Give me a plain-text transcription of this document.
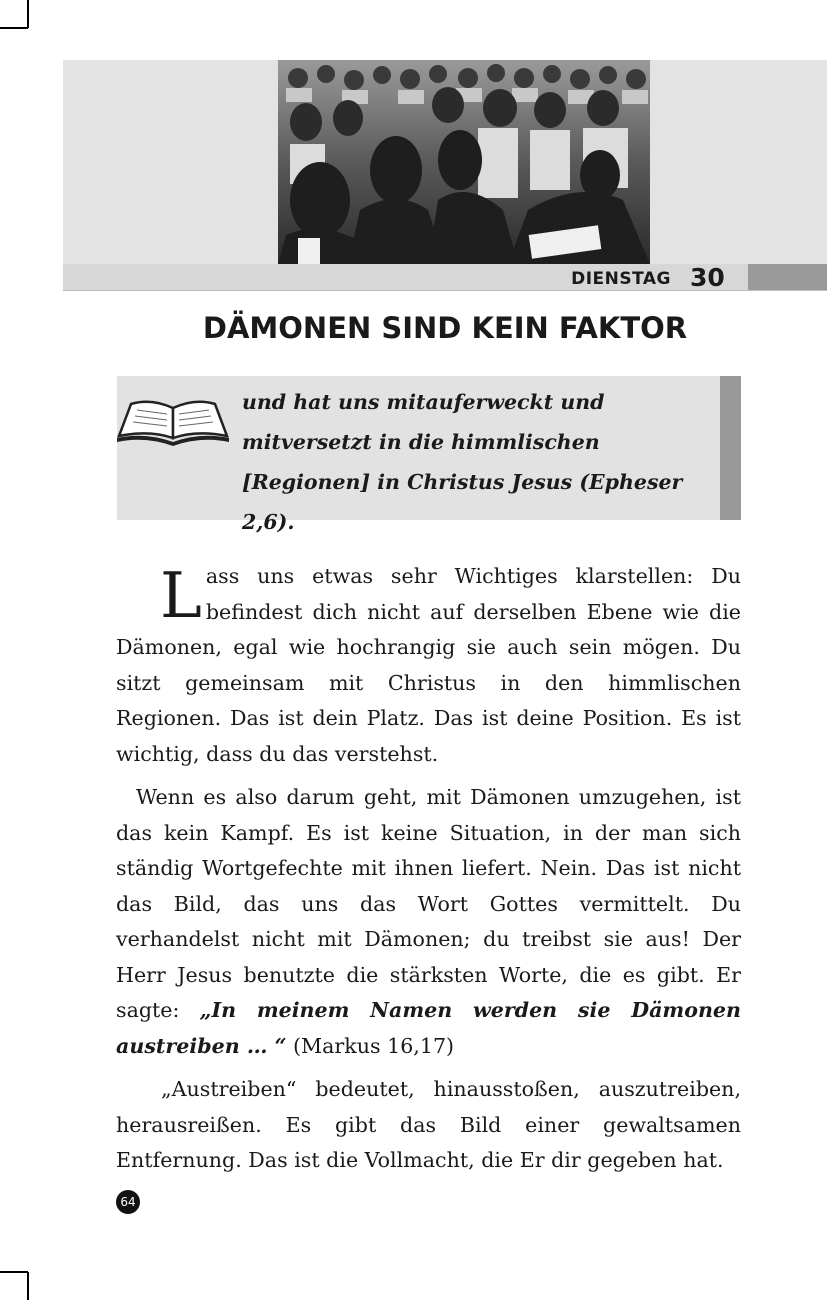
DIENSTAG 30
DÄMONEN SIND KEIN FAKTOR
und hat uns mitauferweckt und mitversetzt in die himmlischen [Regionen] in Christus Jesus (Epheser 2,6).

Lass uns etwas sehr Wichtiges klarstellen: Du befindest dich nicht auf derselben Ebene wie die Dämonen, egal wie hochrangig sie auch sein mögen. Du sitzt gemeinsam mit Christus in den himmlischen Regionen. Das ist dein Platz. Das ist deine Position. Es ist wichtig, dass du das verstehst.

Wenn es also darum geht, mit Dämonen umzugehen, ist das kein Kampf. Es ist keine Situation, in der man sich ständig Wortgefechte mit ihnen liefert. Nein. Das ist nicht das Bild, das uns das Wort Gottes vermittelt. Du verhandelst nicht mit Dämonen; du treibst sie aus! Der Herr Jesus benutzte die stärksten Worte, die es gibt. Er sagte: „In meinem Namen werden sie Dämonen austreiben … “ (Markus 16,17)

„Austreiben“ bedeutet, hinausstoßen, auszutreiben, herausreißen. Es gibt das Bild einer gewaltsamen Entfernung. Das ist die Vollmacht, die Er dir gegeben hat.

64
